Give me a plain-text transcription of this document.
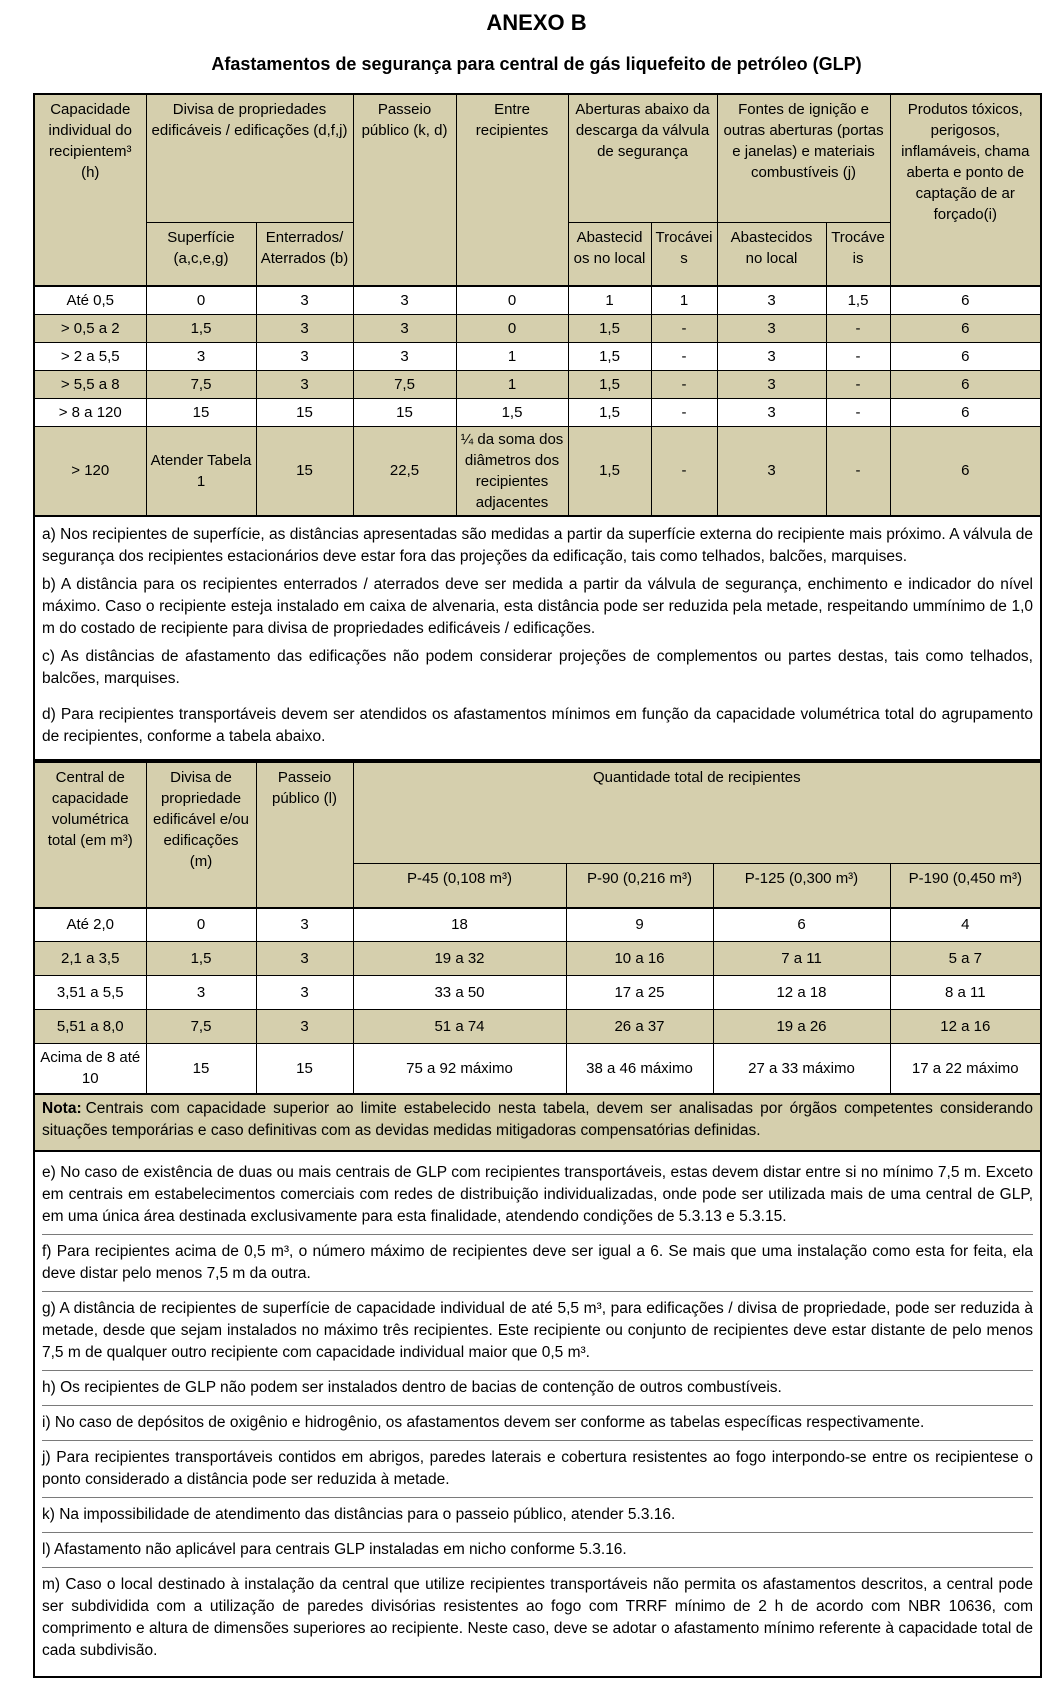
ANEXO B
Afastamentos de segurança para central de gás liquefeito de petróleo (GLP)
Capacidade individual do recipientem³ (h)	Divisa de propriedades edificáveis / edificações (d,f,j)		Passeio público (k, d)	Entre recipientes	Aberturas abaixo da descarga da válvula de segurança		Fontes de ignição e outras aberturas (portas e janelas) e materiais combustíveis (j)		Produtos tóxicos, perigosos, inflamáveis, chama aberta e ponto de captação de ar forçado(i)
	Superfície (a,c,e,g)	Enterrados/ Aterrados (b)			Abastecidos no local	Trocáveis	Abastecidos no local	Trocáveis	
Até 0,5	0	3	3	0	1	1	3	1,5	6
> 0,5 a 2	1,5	3	3	0	1,5	-	3	-	6
> 2 a 5,5	3	3	3	1	1,5	-	3	-	6
> 5,5 a 8	7,5	3	7,5	1	1,5	-	3	-	6
> 8 a 120	15	15	15	1,5	1,5	-	3	-	6
> 120	Atender Tabela 1	15	22,5	¼ da soma dos diâmetros dos recipientes adjacentes	1,5	-	3	-	6

a) Nos recipientes de superfície, as distâncias apresentadas são medidas a partir da superfície externa do recipiente mais próximo. A válvula de segurança dos recipientes estacionários deve estar fora das projeções da edificação, tais como telhados, balcões, marquises.

b) A distância para os recipientes enterrados / aterrados deve ser medida a partir da válvula de segurança, enchimento e indicador do nível máximo. Caso o recipiente esteja instalado em caixa de alvenaria, esta distância pode ser reduzida pela metade, respeitando ummínimo de 1,0 m do costado de recipiente para divisa de propriedades edificáveis / edificações.

c) As distâncias de afastamento das edificações não podem considerar projeções de complementos ou partes destas, tais como telhados, balcões, marquises.

d) Para recipientes transportáveis devem ser atendidos os afastamentos mínimos em função da capacidade volumétrica total do agrupamento de recipientes, conforme a tabela abaixo.

Central de capacidade volumétrica total (em m³)	Divisa de propriedade edificável e/ou edificações (m)	Passeio público (l)	Quantidade total de recipientes			
			P-45 (0,108 m³)	P-90 (0,216 m³)	P-125 (0,300 m³)	P-190 (0,450 m³)
Até 2,0	0	3	18	9	6	4
2,1 a 3,5	1,5	3	19 a 32	10 a 16	7 a 11	5 a 7
3,51 a 5,5	3	3	33 a 50	17 a 25	12 a 18	8 a 11
5,51 a 8,0	7,5	3	51 a 74	26 a 37	19 a 26	12 a 16
Acima de 8 até 10	15	15	75 a 92 máximo	38 a 46 máximo	27 a 33 máximo	17 a 22 máximo
Nota: Centrais com capacidade superior ao limite estabelecido nesta tabela, devem ser analisadas por órgãos competentes considerando situações temporárias e caso definitivas com as devidas medidas mitigadoras compensatórias definidas.						

e) No caso de existência de duas ou mais centrais de GLP com recipientes transportáveis, estas devem distar entre si no mínimo 7,5 m. Exceto em centrais em estabelecimentos comerciais com redes de distribuição individualizadas, onde pode ser utilizada mais de uma central de GLP, em uma única área destinada exclusivamente para esta finalidade, atendendo condições de 5.3.13 e 5.3.15.

f) Para recipientes acima de 0,5 m³, o número máximo de recipientes deve ser igual a 6. Se mais que uma instalação como esta for feita, ela deve distar pelo menos 7,5 m da outra.

g) A distância de recipientes de superfície de capacidade individual de até 5,5 m³, para edificações / divisa de propriedade, pode ser reduzida à metade, desde que sejam instalados no máximo três recipientes. Este recipiente ou conjunto de recipientes deve estar distante de pelo menos 7,5 m de qualquer outro recipiente com capacidade individual maior que 0,5 m³.

h) Os recipientes de GLP não podem ser instalados dentro de bacias de contenção de outros combustíveis.

i) No caso de depósitos de oxigênio e hidrogênio, os afastamentos devem ser conforme as tabelas específicas respectivamente.

j) Para recipientes transportáveis contidos em abrigos, paredes laterais e cobertura resistentes ao fogo interpondo-se entre os recipientese o ponto considerado a distância pode ser reduzida à metade.

k) Na impossibilidade de atendimento das distâncias para o passeio público, atender 5.3.16.

l) Afastamento não aplicável para centrais GLP instaladas em nicho conforme 5.3.16.

m) Caso o local destinado à instalação da central que utilize recipientes transportáveis não permita os afastamentos descritos, a central pode ser subdividida com a utilização de paredes divisórias resistentes ao fogo com TRRF mínimo de 2 h de acordo com NBR 10636, com comprimento e altura de dimensões superiores ao recipiente. Neste caso, deve se adotar o afastamento mínimo referente à capacidade total de cada subdivisão.
